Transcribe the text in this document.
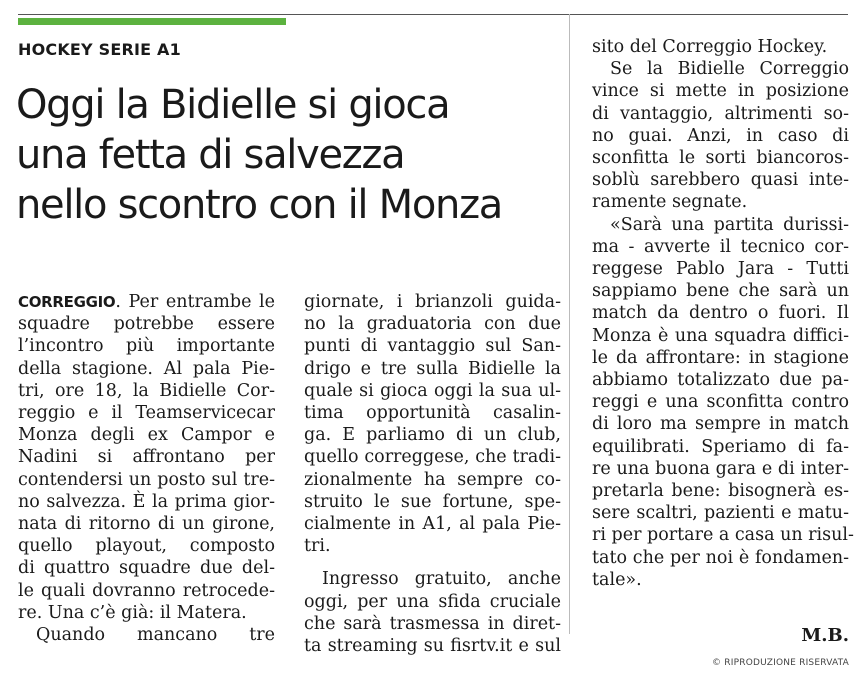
HOCKEY SERIE A1
Oggi la Bidielle si gioca
una fetta di salvezza
nello scontro con il Monza
CORREGGIO. Per entrambe le
squadre potrebbe essere
l’incontro più importante
della stagione. Al pala Pie-
tri, ore 18, la Bidielle Cor-
reggio e il Teamservicecar
Monza degli ex Campor e
Nadini si affrontano per
contendersi un posto sul tre-
no salvezza. È la prima gior-
nata di ritorno di un girone,
quello playout, composto
di quattro squadre due del-
le quali dovranno retrocede-
re. Una c’è già: il Matera.
Quando mancano tre
giornate, i brianzoli guida-
no la graduatoria con due
punti di vantaggio sul San-
drigo e tre sulla Bidielle la
quale si gioca oggi la sua ul-
tima opportunità casalin-
ga. E parliamo di un club,
quello correggese, che tradi-
zionalmente ha sempre co-
struito le sue fortune, spe-
cialmente in A1, al pala Pie-
tri.
Ingresso gratuito, anche
oggi, per una sfida cruciale
che sarà trasmessa in diret-
ta streaming su fisrtv.it e sul
sito del Correggio Hockey.
Se la Bidielle Correggio
vince si mette in posizione
di vantaggio, altrimenti so-
no guai. Anzi, in caso di
sconfitta le sorti biancoros-
soblù sarebbero quasi inte-
ramente segnate.
«Sarà una partita durissi-
ma - avverte il tecnico cor-
reggese Pablo Jara - Tutti
sappiamo bene che sarà un
match da dentro o fuori. Il
Monza è una squadra diffici-
le da affrontare: in stagione
abbiamo totalizzato due pa-
reggi e una sconfitta contro
di loro ma sempre in match
equilibrati. Speriamo di fa-
re una buona gara e di inter-
pretarla bene: bisognerà es-
sere scaltri, pazienti e matu-
ri per portare a casa un risul-
tato che per noi è fondamen-
tale».
M.B.
© RIPRODUZIONE RISERVATA
